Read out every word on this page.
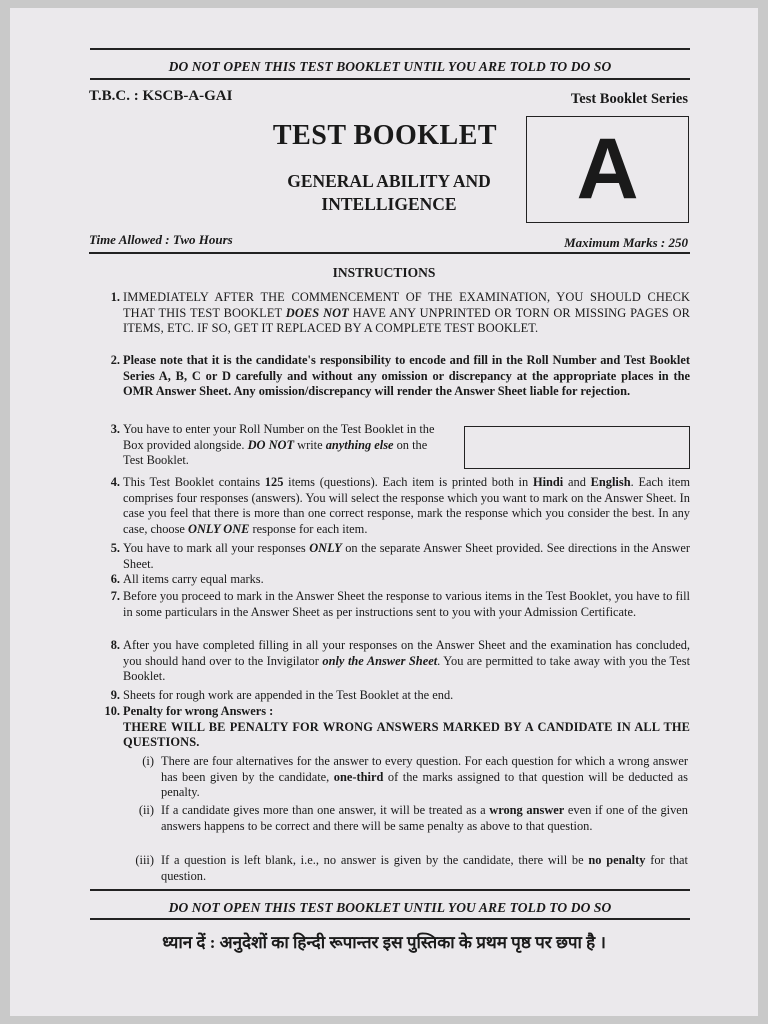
DO NOT OPEN THIS TEST BOOKLET UNTIL YOU ARE TOLD TO DO SO
T.B.C. : KSCB-A-GAI	Test Booklet Series
TEST BOOKLET
GENERAL ABILITY AND
INTELLIGENCE	A
Time Allowed : Two Hours	Maximum Marks : 250
INSTRUCTIONS
1. IMMEDIATELY AFTER THE COMMENCEMENT OF THE EXAMINATION, YOU SHOULD CHECK THAT THIS TEST BOOKLET DOES NOT HAVE ANY UNPRINTED OR TORN OR MISSING PAGES OR ITEMS, ETC. IF SO, GET IT REPLACED BY A COMPLETE TEST BOOKLET.
2. Please note that it is the candidate's responsibility to encode and fill in the Roll Number and Test Booklet Series A, B, C or D carefully and without any omission or discrepancy at the appropriate places in the OMR Answer Sheet. Any omission/discrepancy will render the Answer Sheet liable for rejection.
3. You have to enter your Roll Number on the Test Booklet in the Box provided alongside. DO NOT write anything else on the Test Booklet.
4. This Test Booklet contains 125 items (questions). Each item is printed both in Hindi and English. Each item comprises four responses (answers). You will select the response which you want to mark on the Answer Sheet. In case you feel that there is more than one correct response, mark the response which you consider the best. In any case, choose ONLY ONE response for each item.
5. You have to mark all your responses ONLY on the separate Answer Sheet provided. See directions in the Answer Sheet.
6. All items carry equal marks.
7. Before you proceed to mark in the Answer Sheet the response to various items in the Test Booklet, you have to fill in some particulars in the Answer Sheet as per instructions sent to you with your Admission Certificate.
8. After you have completed filling in all your responses on the Answer Sheet and the examination has concluded, you should hand over to the Invigilator only the Answer Sheet. You are permitted to take away with you the Test Booklet.
9. Sheets for rough work are appended in the Test Booklet at the end.
10. Penalty for wrong Answers :
THERE WILL BE PENALTY FOR WRONG ANSWERS MARKED BY A CANDIDATE IN ALL THE QUESTIONS.
(i) There are four alternatives for the answer to every question. For each question for which a wrong answer has been given by the candidate, one-third of the marks assigned to that question will be deducted as penalty.
(ii) If a candidate gives more than one answer, it will be treated as a wrong answer even if one of the given answers happens to be correct and there will be same penalty as above to that question.
(iii) If a question is left blank, i.e., no answer is given by the candidate, there will be no penalty for that question.
DO NOT OPEN THIS TEST BOOKLET UNTIL YOU ARE TOLD TO DO SO
ध्यान दें : अनुदेशों का हिन्दी रूपान्तर इस पुस्तिका के प्रथम पृष्ठ पर छपा है ।
